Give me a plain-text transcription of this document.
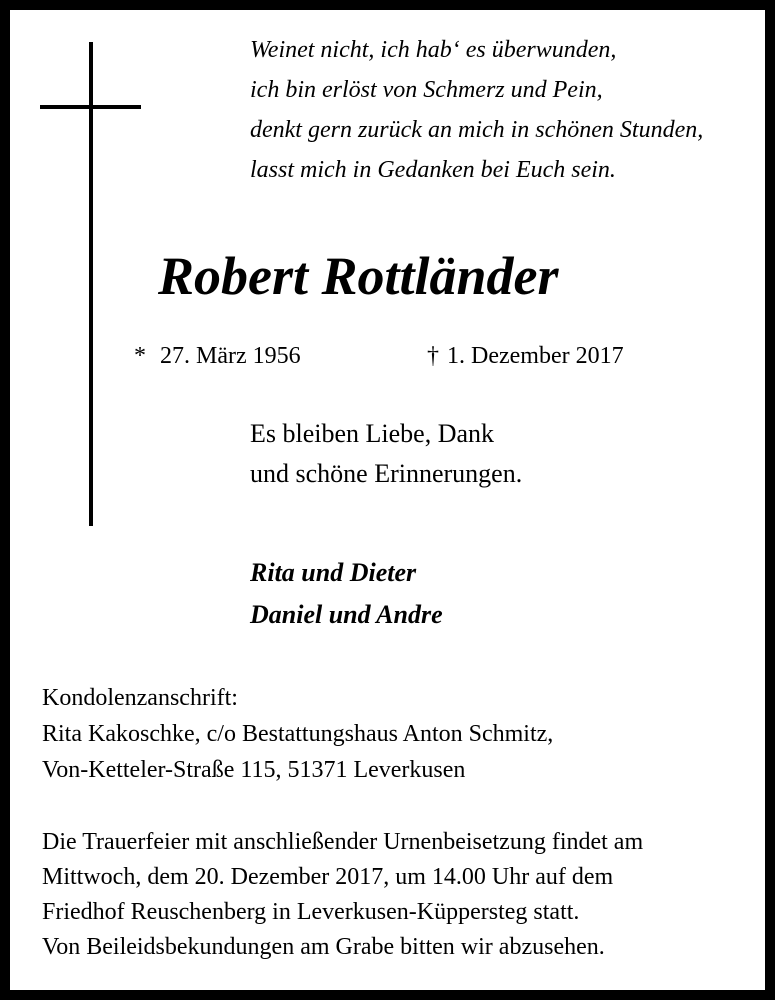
Weinet nicht, ich hab‘ es überwunden,
ich bin erlöst von Schmerz und Pein,
denkt gern zurück an mich in schönen Stunden,
lasst mich in Gedanken bei Euch sein.
Robert Rottländer
* 27. März 1956	† 1. Dezember 2017
Es bleiben Liebe, Dank
und schöne Erinnerungen.
Rita und Dieter
Daniel und Andre
Kondolenzanschrift:
Rita Kakoschke, c/o Bestattungshaus Anton Schmitz,
Von-Ketteler-Straße 115, 51371 Leverkusen
Die Trauerfeier mit anschließender Urnenbeisetzung findet am
Mittwoch, dem 20. Dezember 2017, um 14.00 Uhr auf dem
Friedhof Reuschenberg in Leverkusen-Küppersteg statt.
Von Beileidsbekundungen am Grabe bitten wir abzusehen.
